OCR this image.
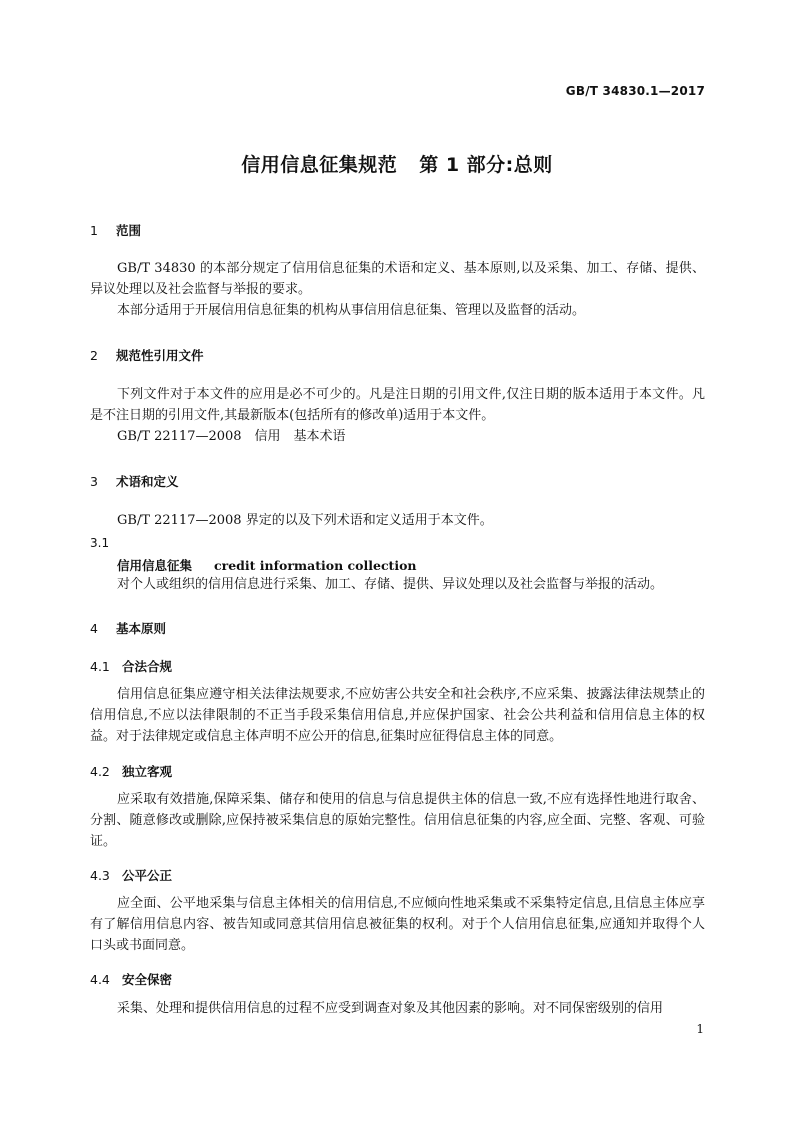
GB/T 34830.1—2017
信用信息征集规范 第 1 部分:总则
1 范围

GB/T 34830 的本部分规定了信用信息征集的术语和定义、基本原则,以及采集、加工、存储、提供、异议处理以及社会监督与举报的要求。

本部分适用于开展信用信息征集的机构从事信用信息征集、管理以及监督的活动。
2 规范性引用文件

下列文件对于本文件的应用是必不可少的。凡是注日期的引用文件,仅注日期的版本适用于本文件。凡是不注日期的引用文件,其最新版本(包括所有的修改单)适用于本文件。

GB/T 22117—2008　信用　基本术语
3 术语和定义
GB/T 22117—2008 界定的以及下列术语和定义适用于本文件。
3.1
信用信息征集 credit information collection
对个人或组织的信用信息进行采集、加工、存储、提供、异议处理以及社会监督与举报的活动。
4 基本原则
4.1 合法合规

信用信息征集应遵守相关法律法规要求,不应妨害公共安全和社会秩序,不应采集、披露法律法规禁止的信用信息,不应以法律限制的不正当手段采集信用信息,并应保护国家、社会公共利益和信用信息主体的权益。对于法律规定或信息主体声明不应公开的信息,征集时应征得信息主体的同意。

4.2 独立客观

应采取有效措施,保障采集、储存和使用的信息与信息提供主体的信息一致,不应有选择性地进行取舍、分割、随意修改或删除,应保持被采集信息的原始完整性。信用信息征集的内容,应全面、完整、客观、可验证。

4.3 公平公正

应全面、公平地采集与信息主体相关的信用信息,不应倾向性地采集或不采集特定信息,且信息主体应享有了解信用信息内容、被告知或同意其信用信息被征集的权利。对于个人信用信息征集,应通知并取得个人口头或书面同意。

4.4 安全保密
采集、处理和提供信用信息的过程不应受到调查对象及其他因素的影响。对不同保密级别的信用
1
